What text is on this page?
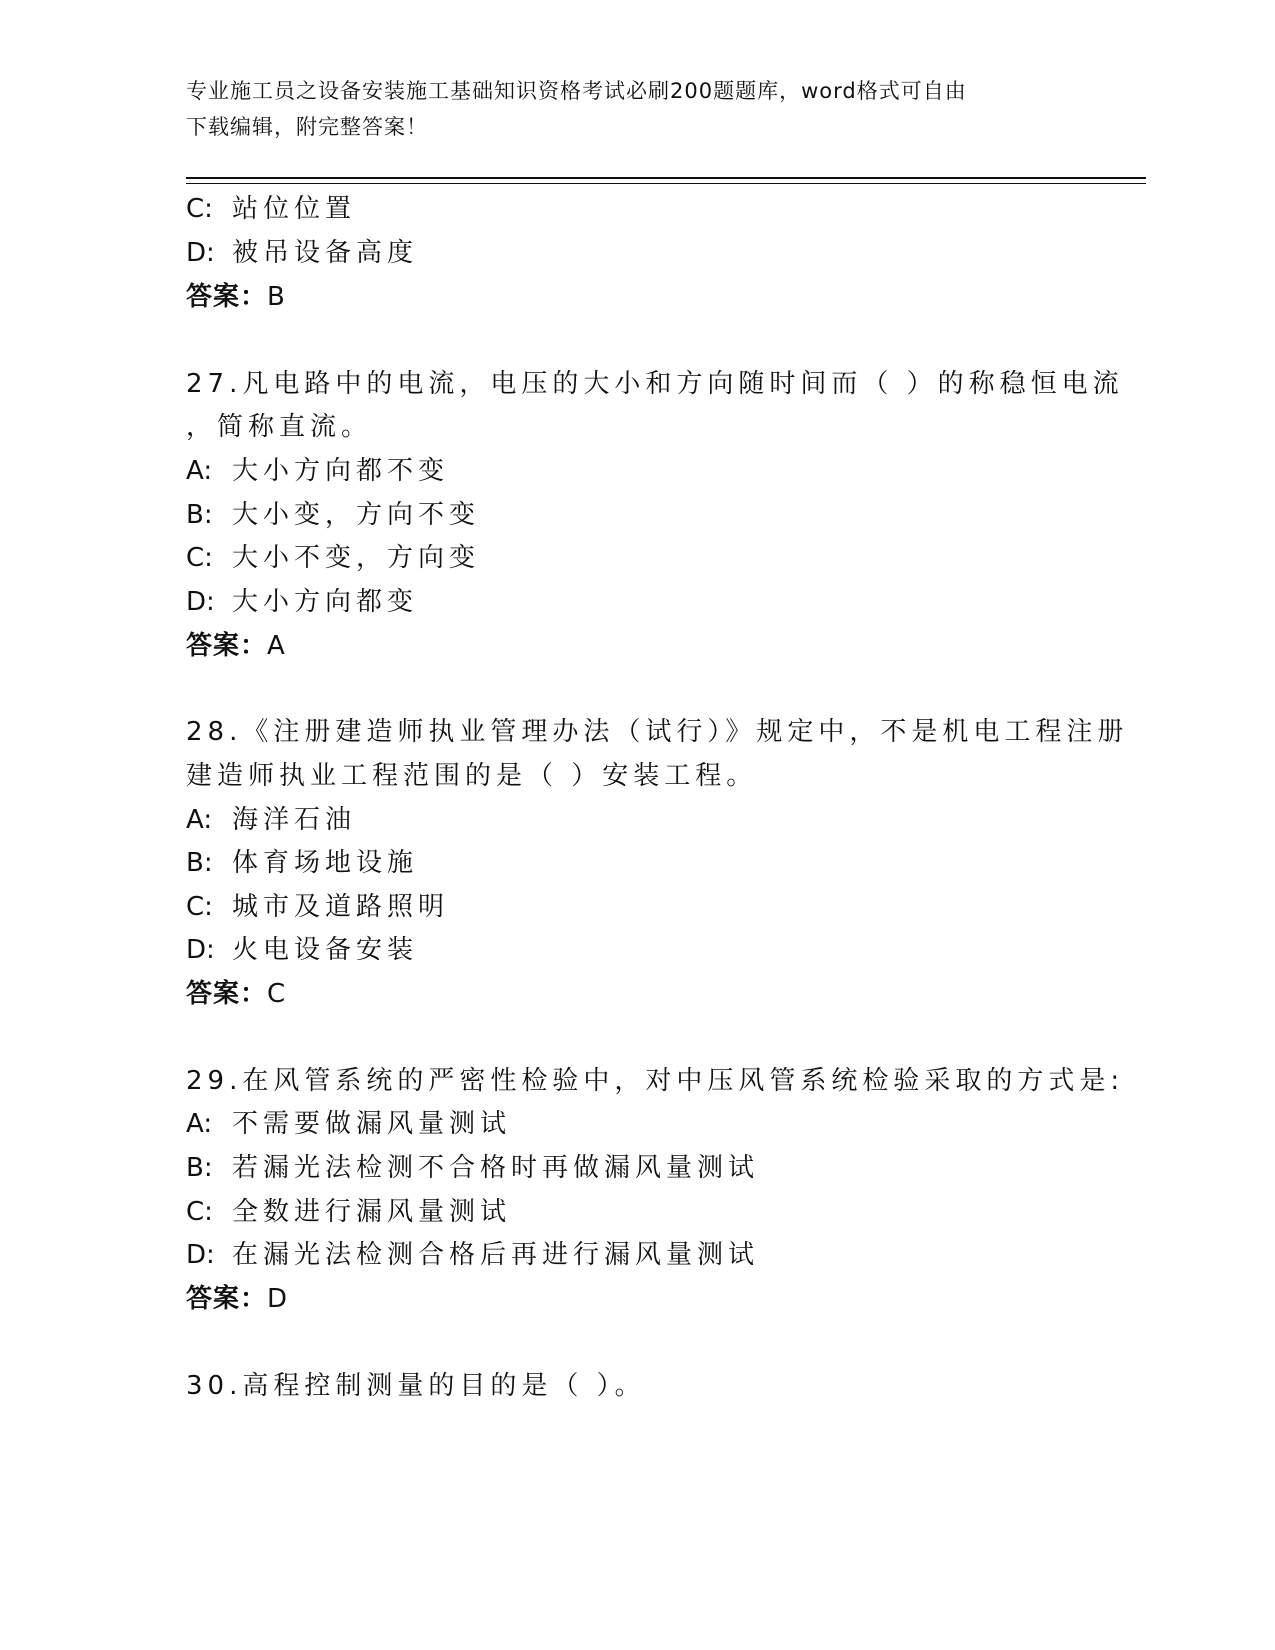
专业施工员之设备安装施工基础知识资格考试必刷200题题库，word格式可自由
下载编辑，附完整答案！
C: 站位位置
D: 被吊设备高度
答案：B
27.凡电路中的电流，电压的大小和方向随时间而（ ）的称稳恒电流
，简称直流。
A: 大小方向都不变
B: 大小变，方向不变
C: 大小不变，方向变
D: 大小方向都变
答案：A
28.《注册建造师执业管理办法（试行）》规定中，不是机电工程注册
建造师执业工程范围的是（ ）安装工程。
A: 海洋石油
B: 体育场地设施
C: 城市及道路照明
D: 火电设备安装
答案：C
29.在风管系统的严密性检验中，对中压风管系统检验采取的方式是:
A: 不需要做漏风量测试
B: 若漏光法检测不合格时再做漏风量测试
C: 全数进行漏风量测试
D: 在漏光法检测合格后再进行漏风量测试
答案：D
30.高程控制测量的目的是（ ）。
